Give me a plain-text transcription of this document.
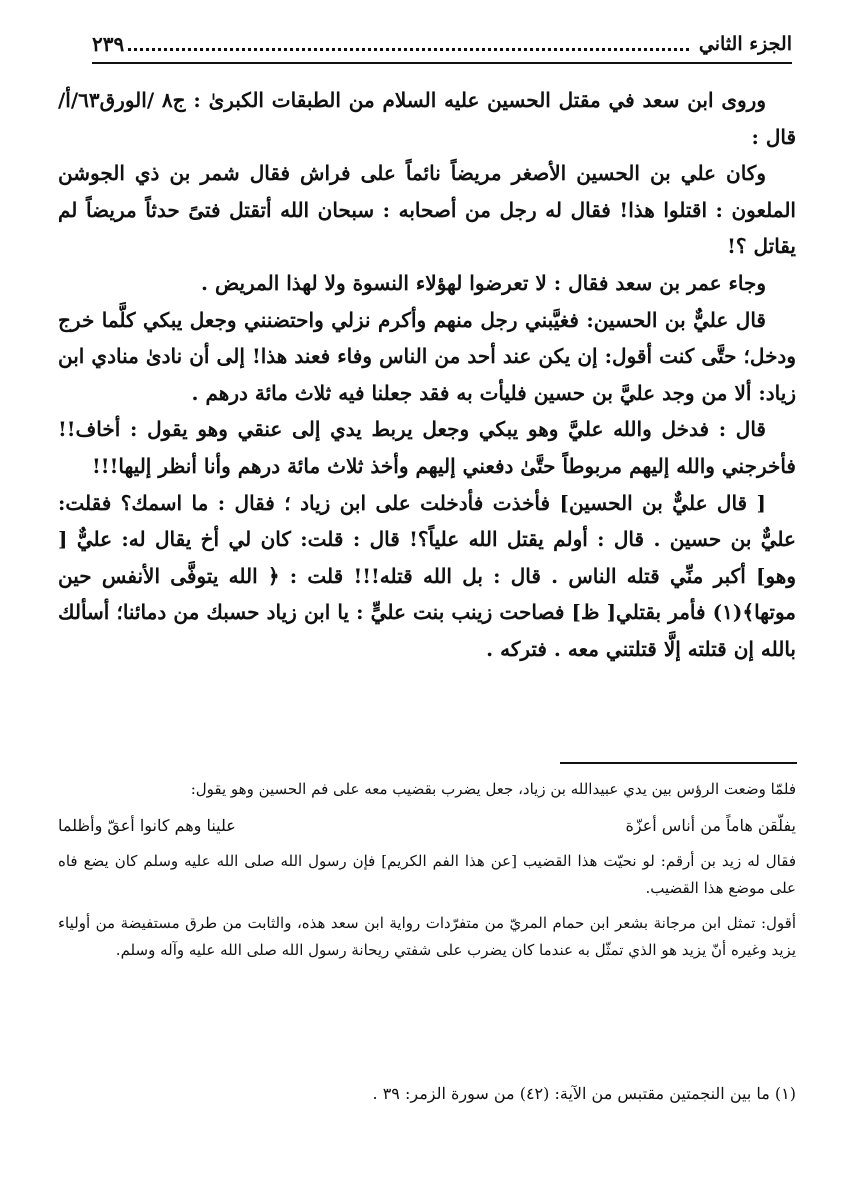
٢٣٩	الجزء الثاني

وروى ابن سعد في مقتل الحسين عليه السلام من الطبقات الكبرىٰ : ج٨ /الورق٦٣/أ/قال :

وكان علي بن الحسين الأصغر مريضاً نائماً على فراش فقال شمر بن ذي الجوشن الملعون : اقتلوا هذا! فقال له رجل من أصحابه : سبحان الله أتقتل فتىً حدثاً مريضاً لم يقاتل ؟!

وجاء عمر بن سعد فقال : لا تعرضوا لهؤلاء النسوة ولا لهذا المريض .

قال عليٌّ بن الحسين: فغيَّبني رجل منهم وأكرم نزلي واحتضنني وجعل يبكي كلَّما خرج ودخل؛ حتَّى كنت أقول: إن يكن عند أحد من الناس وفاء فعند هذا! إلى أن نادىٰ منادي ابن زياد: ألا من وجد عليَّ بن حسين فليأت به فقد جعلنا فيه ثلاث مائة درهم .

قال : فدخل والله عليَّ وهو يبكي وجعل يربط يدي إلى عنقي وهو يقول : أخاف!! فأخرجني والله إليهم مربوطاً حتَّىٰ دفعني إليهم وأخذ ثلاث مائة درهم وأنا أنظر إليها!!!

[ قال عليٌّ بن الحسين] فأخذت فأدخلت على ابن زياد ؛ فقال : ما اسمك؟ فقلت: عليٌّ بن حسين . قال : أولم يقتل الله علياً؟! قال : قلت: كان لي أخ يقال له: عليٌّ [ وهو] أكبر منِّي قتله الناس . قال : بل الله قتله!!! قلت : ﴿ الله يتوفَّى الأنفس حين موتها﴾(١) فأمر بقتلي[ ظ] فصاحت زينب بنت عليٍّ : يا ابن زياد حسبك من دمائنا؛ أسألك بالله إن قتلته إلَّا قتلتني معه . فتركه .

فلمّا وضعت الرؤس بين يدي عبيدالله بن زياد، جعل يضرب بقضيب معه على فم الحسين وهو يقول:

يفلّقن هاماً من أناس أعزّة
علينا وهم كانوا أعقّ وأظلما

فقال له زيد بن أرقم: لو نحيّت هذا القضيب [عن هذا الفم الكريم] فإن رسول الله صلى الله عليه وسلم كان يضع فاه على موضع هذا القضيب.

أقول: تمثل ابن مرجانة بشعر ابن حمام المريّ من متفرّدات رواية ابن سعد هذه، والثابت من طرق مستفيضة من أولياء يزيد وغيره أنّ يزيد هو الذي تمثّل به عندما كان يضرب على شفتي ريحانة رسول الله صلى الله عليه وآله وسلم.

(١) ما بين النجمتين مقتبس من الآية: (٤٢) من سورة الزمر: ٣٩ .
